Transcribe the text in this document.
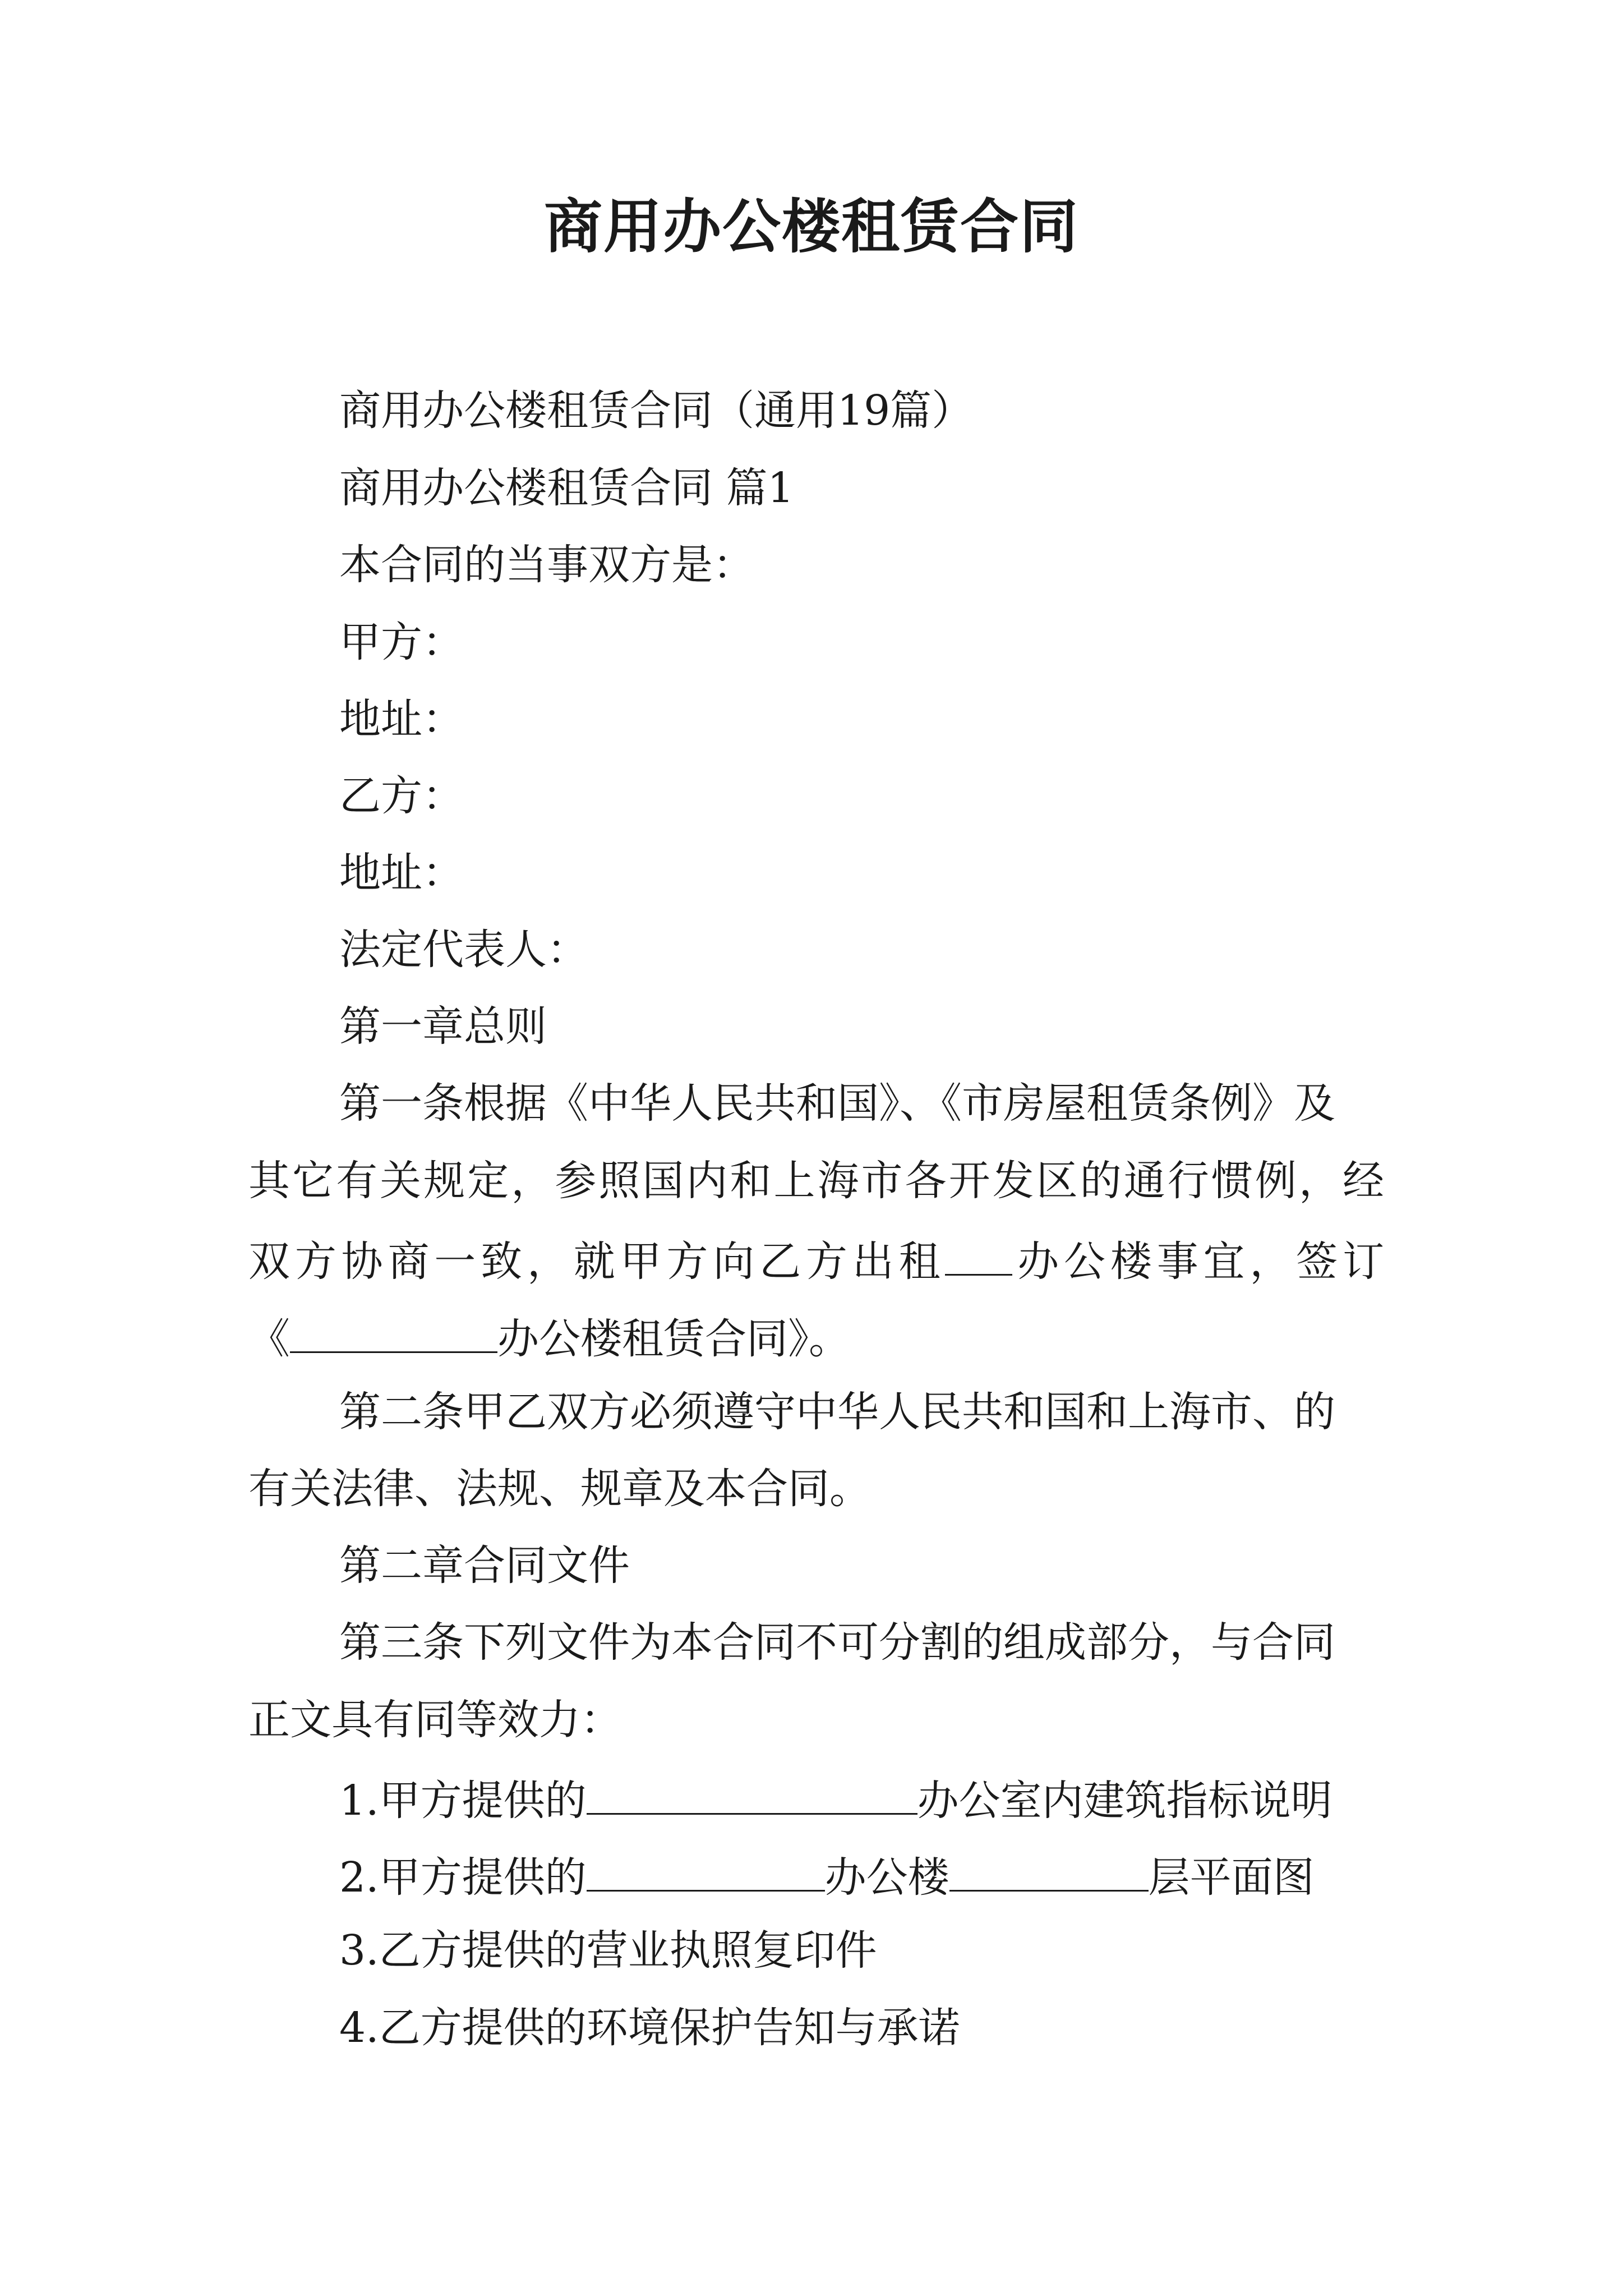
商用办公楼租赁合同
商用办公楼租赁合同（通用19篇）
商用办公楼租赁合同 篇1
本合同的当事双方是：
甲方：
地址：
乙方：
地址：
法定代表人：
第一章总则
第一条根据《中华人民共和国》、《市房屋租赁条例》及
其它有关规定，参照国内和上海市各开发区的通行惯例，经
双方协商一致，就甲方向乙方出租 办公楼事宜，签订
《	办公楼租赁合同》。
第二条甲乙双方必须遵守中华人民共和国和上海市、的
有关法律、法规、规章及本合同。
第二章合同文件
第三条下列文件为本合同不可分割的组成部分，与合同
正文具有同等效力：
1.甲方提供的	办公室内建筑指标说明
2.甲方提供的	办公楼	层平面图
3.乙方提供的营业执照复印件
4.乙方提供的环境保护告知与承诺
